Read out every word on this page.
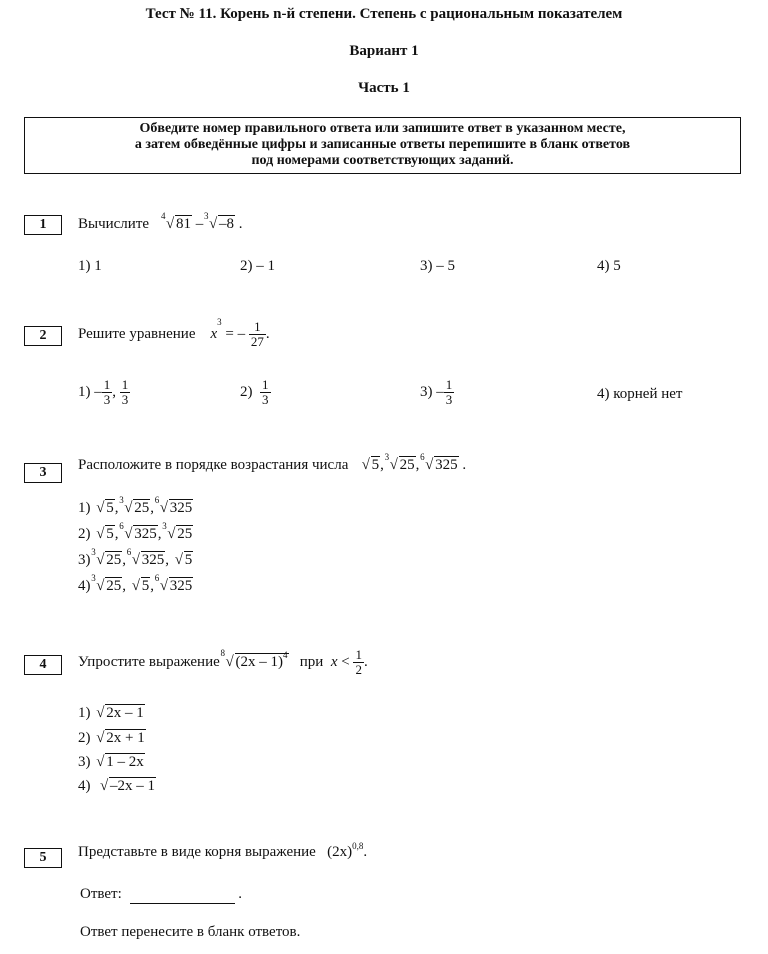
Тест № 11. Корень n-й степени. Степень с рациональным показателем
Вариант 1
Часть 1
Обведите номер правильного ответа или запишите ответ в указанном месте,
а затем обведённые цифры и записанные ответы перепишите в бланк ответов
под номерами соответствующих заданий.
1	Вычислите 4 √ 81 – 3 √ –8 .
1) 1	2) – 1	3) – 5	4) 5
2	Решите уравнение $x^3$ = – $\frac{1}{27}$ .
$1) - \frac{1}{3}$ , $\frac{1}{3}$	$2) \frac{1}{3}$	$3) - \frac{1}{3}$	4) корней нет
3	Расположите в порядке возрастания числа √ 5, 3 √ 25, 6 √ 325 .
1) √ 5, 3 √ 25, 6 √ 325
2) √ 5, 6 √ 325, 3 √ 25
3) 3 √ 25, 6 √ 325, √ 5
4) 3 √ 25, √ 5, 6 √ 325
4	Упростите выражение
8
√ (2x – 1)$^4$ при $x < \frac{1}{2}$ .
1) √ 2x – 1
2) √ 2x + 1
3) √ 1 – 2x
4) √ –2x – 1
5	Представьте в виде корня выражение $(2x)^{0,8}$.
Ответ:	.
Ответ перенесите в бланк ответов.
